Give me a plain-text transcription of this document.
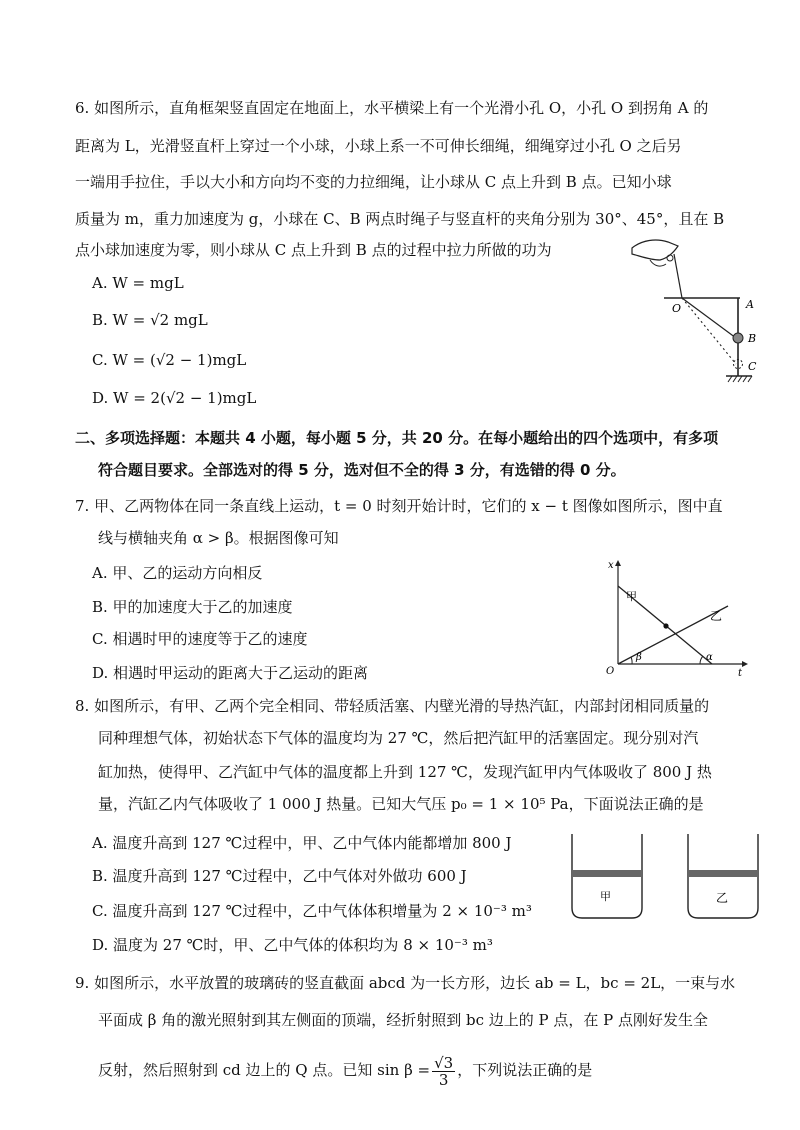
6. 如图所示，直角框架竖直固定在地面上，水平横梁上有一个光滑小孔 O，小孔 O 到拐角 A 的
距离为 L，光滑竖直杆上穿过一个小球，小球上系一不可伸长细绳，细绳穿过小孔 O 之后另
一端用手拉住，手以大小和方向均不变的力拉细绳，让小球从 C 点上升到 B 点。已知小球
质量为 m，重力加速度为 g，小球在 C、B 两点时绳子与竖直杆的夹角分别为 30°、45°，且在 B
点小球加速度为零，则小球从 C 点上升到 B 点的过程中拉力所做的功为
A. W = mgL
B. W = √2 mgL
C. W = (√2 − 1)mgL
D. W = 2(√2 − 1)mgL
O	A
B
C
二、多项选择题：本题共 4 小题，每小题 5 分，共 20 分。在每小题给出的四个选项中，有多项
符合题目要求。全部选对的得 5 分，选对但不全的得 3 分，有选错的得 0 分。
7. 甲、乙两物体在同一条直线上运动，t = 0 时刻开始计时，它们的 x − t 图像如图所示，图中直
线与横轴夹角 α > β。根据图像可知
A. 甲、乙的运动方向相反
B. 甲的加速度大于乙的加速度
C. 相遇时甲的速度等于乙的速度
D. 相遇时甲运动的距离大于乙运动的距离
x
t
O
甲
乙
β	α
8. 如图所示，有甲、乙两个完全相同、带轻质活塞、内壁光滑的导热汽缸，内部封闭相同质量的
同种理想气体，初始状态下气体的温度均为 27 ℃，然后把汽缸甲的活塞固定。现分别对汽
缸加热，使得甲、乙汽缸中气体的温度都上升到 127 ℃，发现汽缸甲内气体吸收了 800 J 热
量，汽缸乙内气体吸收了 1 000 J 热量。已知大气压 p₀ = 1 × 10⁵ Pa，下面说法正确的是
A. 温度升高到 127 ℃过程中，甲、乙中气体内能都增加 800 J
B. 温度升高到 127 ℃过程中，乙中气体对外做功 600 J
C. 温度升高到 127 ℃过程中，乙中气体体积增量为 2 × 10⁻³ m³
D. 温度为 27 ℃时，甲、乙中气体的体积均为 8 × 10⁻³ m³
甲	乙
9. 如图所示，水平放置的玻璃砖的竖直截面 abcd 为一长方形，边长 ab = L，bc = 2L，一束与水
平面成 β 角的激光照射到其左侧面的顶端，经折射照到 bc 边上的 P 点，在 P 点刚好发生全
反射，然后照射到 cd 边上的 Q 点。已知 $\sin \beta = \frac{√3}{3}$ ，下列说法正确的是
